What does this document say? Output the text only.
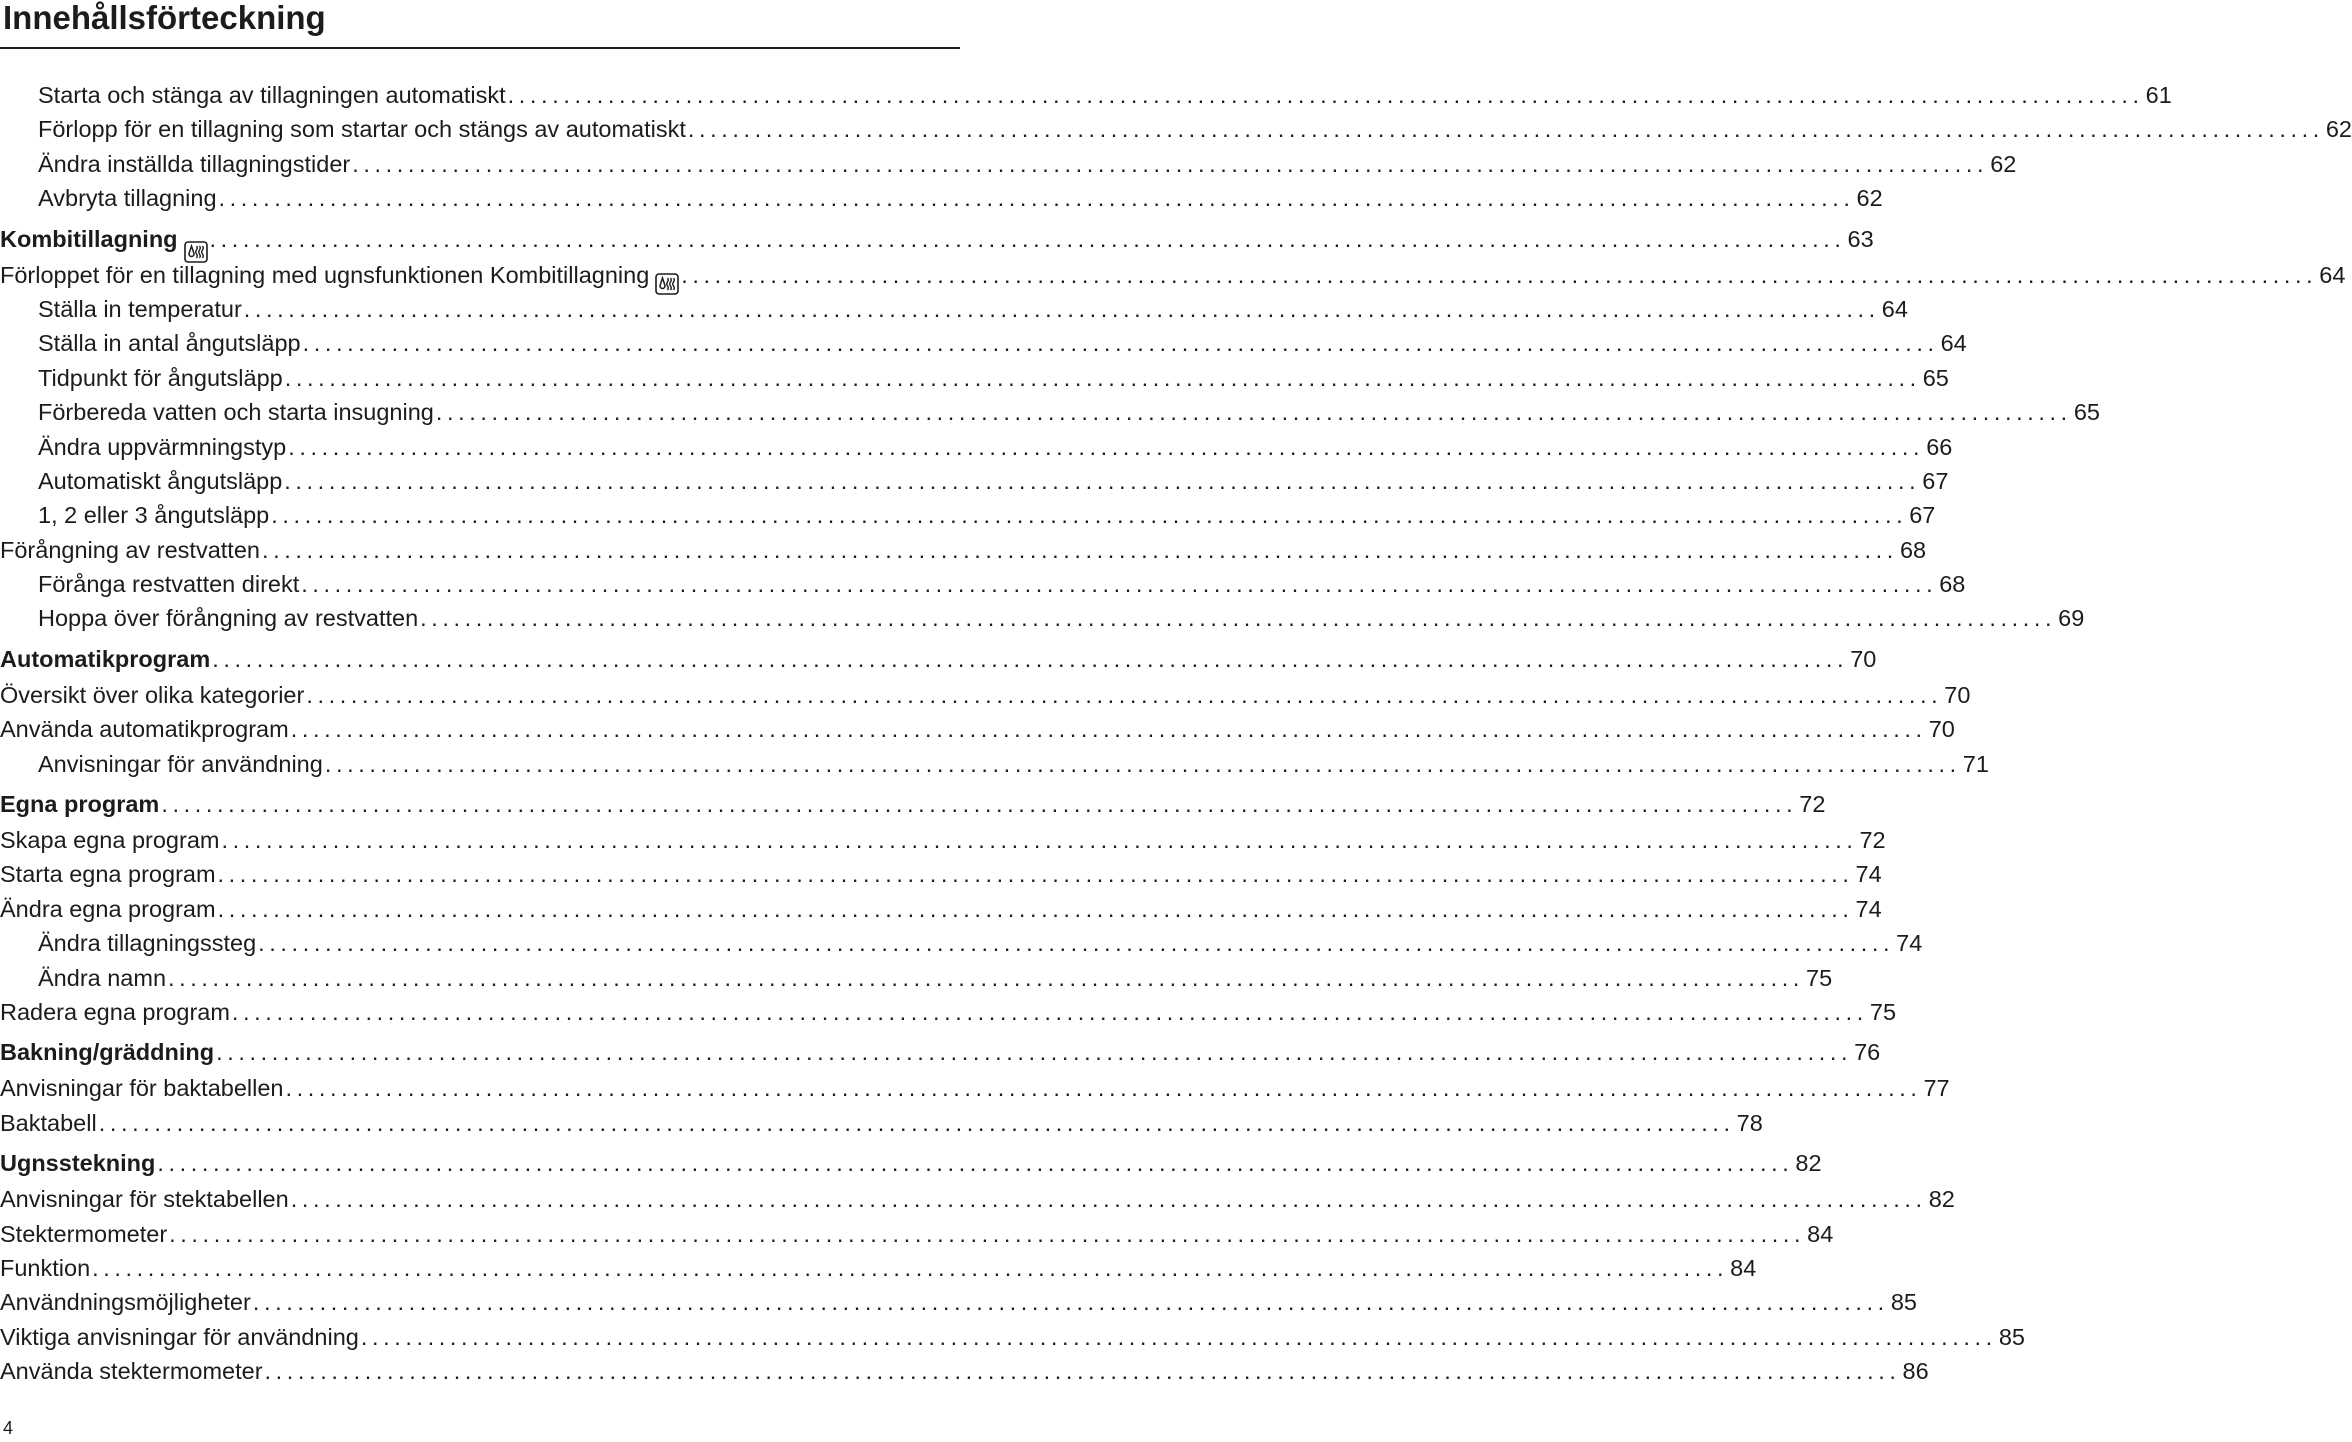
Innehållsförteckning
Starta och stänga av tillagningen automatiskt ................................................................................................................................................... 61
Förlopp för en tillagning som startar och stängs av automatiskt ................................................................................................................................................... 62
Ändra inställda tillagningstider ................................................................................................................................................... 62
Avbryta tillagning ................................................................................................................................................... 62
Kombitillagning ................................................................................................................................................... 63
Förloppet för en tillagning med ugnsfunktionen Kombitillagning ................................................................................................................................................... 64
Ställa in temperatur ................................................................................................................................................... 64
Ställa in antal ångutsläpp ................................................................................................................................................... 64
Tidpunkt för ångutsläpp ................................................................................................................................................... 65
Förbereda vatten och starta insugning ................................................................................................................................................... 65
Ändra uppvärmningstyp ................................................................................................................................................... 66
Automatiskt ångutsläpp ................................................................................................................................................... 67
1, 2 eller 3 ångutsläpp ................................................................................................................................................... 67
Förångning av restvatten ................................................................................................................................................... 68
Förånga restvatten direkt ................................................................................................................................................... 68
Hoppa över förångning av restvatten ................................................................................................................................................... 69
Automatikprogram ................................................................................................................................................... 70
Översikt över olika kategorier ................................................................................................................................................... 70
Använda automatikprogram ................................................................................................................................................... 70
Anvisningar för användning ................................................................................................................................................... 71
Egna program ................................................................................................................................................... 72
Skapa egna program ................................................................................................................................................... 72
Starta egna program ................................................................................................................................................... 74
Ändra egna program ................................................................................................................................................... 74
Ändra tillagningssteg ................................................................................................................................................... 74
Ändra namn ................................................................................................................................................... 75
Radera egna program ................................................................................................................................................... 75
Bakning/gräddning ................................................................................................................................................... 76
Anvisningar för baktabellen ................................................................................................................................................... 77
Baktabell ................................................................................................................................................... 78
Ugnsstekning ................................................................................................................................................... 82
Anvisningar för stektabellen ................................................................................................................................................... 82
Stektermometer ................................................................................................................................................... 84
Funktion ................................................................................................................................................... 84
Användningsmöjligheter ................................................................................................................................................... 85
Viktiga anvisningar för användning ................................................................................................................................................... 85
Använda stektermometer ................................................................................................................................................... 86
4
